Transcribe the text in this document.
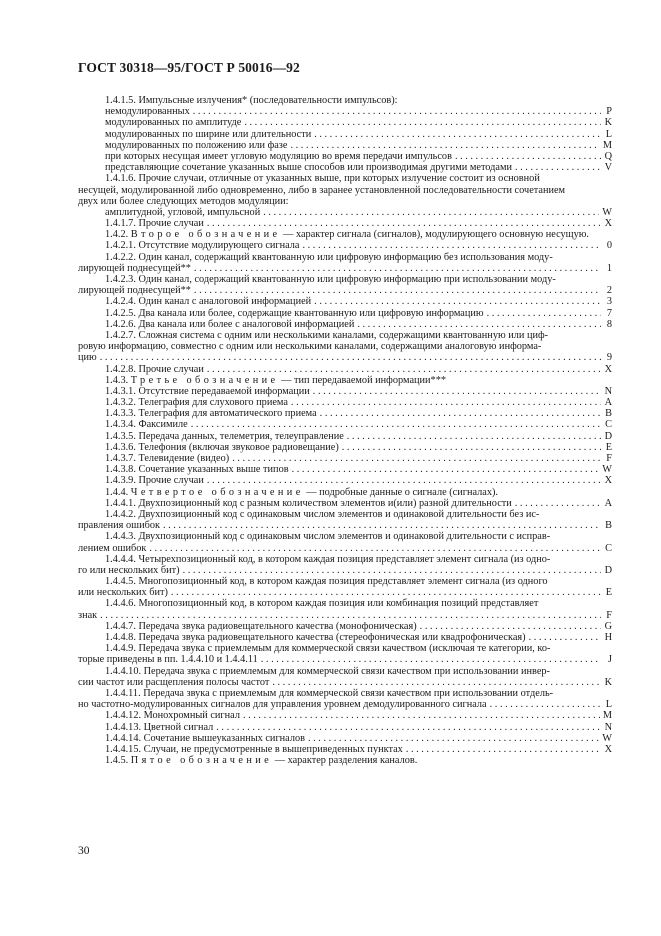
ГОСТ 30318—95/ГОСТ Р 50016—92
1.4.1.5. Импульсные излучения* (последовательности импульсов):
немодулированных . . .	P
модулированных по амплитуде . . .	K
модулированных по ширине или длительности . . .	L
модулированных по положению или фазе . . .	M
при которых несущая имеет угловую модуляцию во время передачи импульсов . . .	Q
представляющие сочетание указанных выше способов или производимая другими методами . . .	V
1.4.1.6. Прочие случаи, отличные от указанных выше, при которых излучение состоит из основной
несущей, модулированной либо одновременно, либо в заранее установленной последовательности сочетанием
двух или более следующих методов модуляции:
амплитудной, угловой, импульсной . . .	W
1.4.1.7. Прочие случаи . . .	X
1.4.2. Второе обозначение — характер сигнала (сигналов), модулирующего основную несущую.
1.4.2.1. Отсутствие модулирующего сигнала . . .	0
1.4.2.2. Один канал, содержащий квантованную или цифровую информацию без использования моду-
лирующей поднесущей** . . .	1
1.4.2.3. Один канал, содержащий квантованную или цифровую информацию при использовании моду-
лирующей поднесущей** . . .	2
1.4.2.4. Один канал с аналоговой информацией . . .	3
1.4.2.5. Два канала или более, содержащие квантованную или цифровую информацию . . .	7
1.4.2.6. Два канала или более с аналоговой информацией . . .	8
1.4.2.7. Сложная система с одним или несколькими каналами, содержащими квантованную или циф-
ровую информацию, совместно с одним или несколькими каналами, содержащими аналоговую информа-
цию . . .	9
1.4.2.8. Прочие случаи . . .	X
1.4.3. Третье обозначение — тип передаваемой информации***
1.4.3.1. Отсутствие передаваемой информации . . .	N
1.4.3.2. Телеграфия для слухового приема . . .	A
1.4.3.3. Телеграфия для автоматического приема . . .	B
1.4.3.4. Факсимиле . . .	C
1.4.3.5. Передача данных, телеметрия, телеуправление . . .	D
1.4.3.6. Телефония (включая звуковое радиовещание) . . .	E
1.4.3.7. Телевидение (видео) . . .	F
1.4.3.8. Сочетание указанных выше типов . . .	W
1.4.3.9. Прочие случаи . . .	X
1.4.4. Четвертое обозначение — подробные данные о сигнале (сигналах).
1.4.4.1. Двухпозиционный код с разным количеством элементов и(или) разной длительности . . .	A
1.4.4.2. Двухпозиционный код с одинаковым числом элементов и одинаковой длительности без ис-
правления ошибок . . .	B
1.4.4.3. Двухпозиционный код с одинаковым числом элементов и одинаковой длительности с исправ-
лением ошибок . . .	C
1.4.4.4. Четырехпозиционный код, в котором каждая позиция представляет элемент сигнала (из одно-
го или нескольких бит) . . .	D
1.4.4.5. Многопозиционный код, в котором каждая позиция представляет элемент сигнала (из одного
или нескольких бит) . . .	E
1.4.4.6. Многопозиционный код, в котором каждая позиция или комбинация позиций представляет
знак . . .	F
1.4.4.7. Передача звука радиовещательного качества (монофоническая) . . .	G
1.4.4.8. Передача звука радиовещательного качества (стереофоническая или квадрофоническая) . . .	H
1.4.4.9. Передача звука с приемлемым для коммерческой связи качеством (исключая те категории, ко-
торые приведены в пп. 1.4.4.10 и 1.4.4.11 . . .	J
1.4.4.10. Передача звука с приемлемым для коммерческой связи качеством при использовании инвер-
сии частот или расщепления полосы частот . . .	K
1.4.4.11. Передача звука с приемлемым для коммерческой связи качеством при использовании отдель-
но частотно-модулированных сигналов для управления уровнем демодулированного сигнала . . .	L
1.4.4.12. Монохромный сигнал . . .	M
1.4.4.13. Цветной сигнал . . .	N
1.4.4.14. Сочетание вышеуказанных сигналов . . .	W
1.4.4.15. Случаи, не предусмотренные в вышеприведенных пунктах . . .	X
1.4.5. Пятое обозначение — характер разделения каналов.
30
